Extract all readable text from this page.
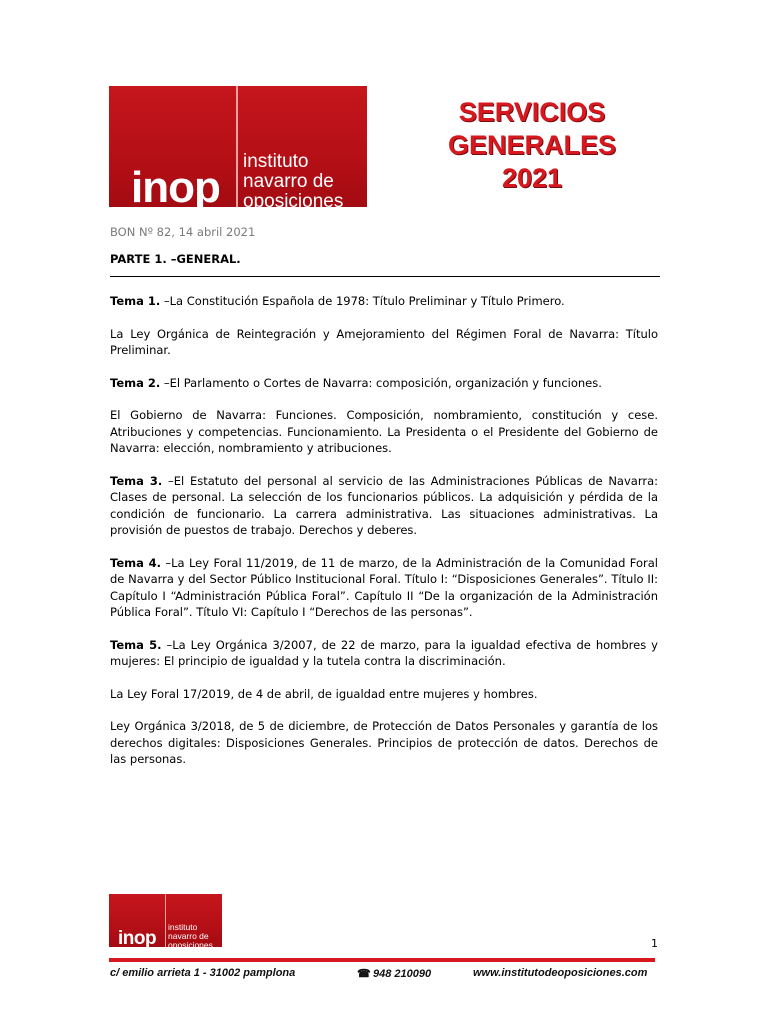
instituto
navarro de
oposiciones
inop
SERVICIOS
GENERALES
2021
BON Nº 82, 14 abril 2021
PARTE 1. –GENERAL.

Tema 1. –La Constitución Española de 1978: Título Preliminar y Título Primero.

La Ley Orgánica de Reintegración y Amejoramiento del Régimen Foral de Navarra: Título Preliminar.

Tema 2. –El Parlamento o Cortes de Navarra: composición, organización y funciones.

El Gobierno de Navarra: Funciones. Composición, nombramiento, constitución y cese. Atribuciones y competencias. Funcionamiento. La Presidenta o el Presidente del Gobierno de Navarra: elección, nombramiento y atribuciones.

Tema 3. –El Estatuto del personal al servicio de las Administraciones Públicas de Navarra: Clases de personal. La selección de los funcionarios públicos. La adquisición y pérdida de la condición de funcionario. La carrera administrativa. Las situaciones administrativas. La provisión de puestos de trabajo. Derechos y deberes.

Tema 4. –La Ley Foral 11/2019, de 11 de marzo, de la Administración de la Comunidad Foral de Navarra y del Sector Público Institucional Foral. Título I: “Disposiciones Generales”. Título II: Capítulo I “Administración Pública Foral”. Capítulo II “De la organización de la Administración Pública Foral”. Título VI: Capítulo I “Derechos de las personas”.

Tema 5. –La Ley Orgánica 3/2007, de 22 de marzo, para la igualdad efectiva de hombres y mujeres: El principio de igualdad y la tutela contra la discriminación.

La Ley Foral 17/2019, de 4 de abril, de igualdad entre mujeres y hombres.

Ley Orgánica 3/2018, de 5 de diciembre, de Protección de Datos Personales y garantía de los derechos digitales: Disposiciones Generales. Principios de protección de datos. Derechos de las personas.

instituto
navarro de
oposiciones
inop	1
c/ emilio arrieta 1 - 31002 pamplona	☎ 948 210090	www.institutodeoposiciones.com
